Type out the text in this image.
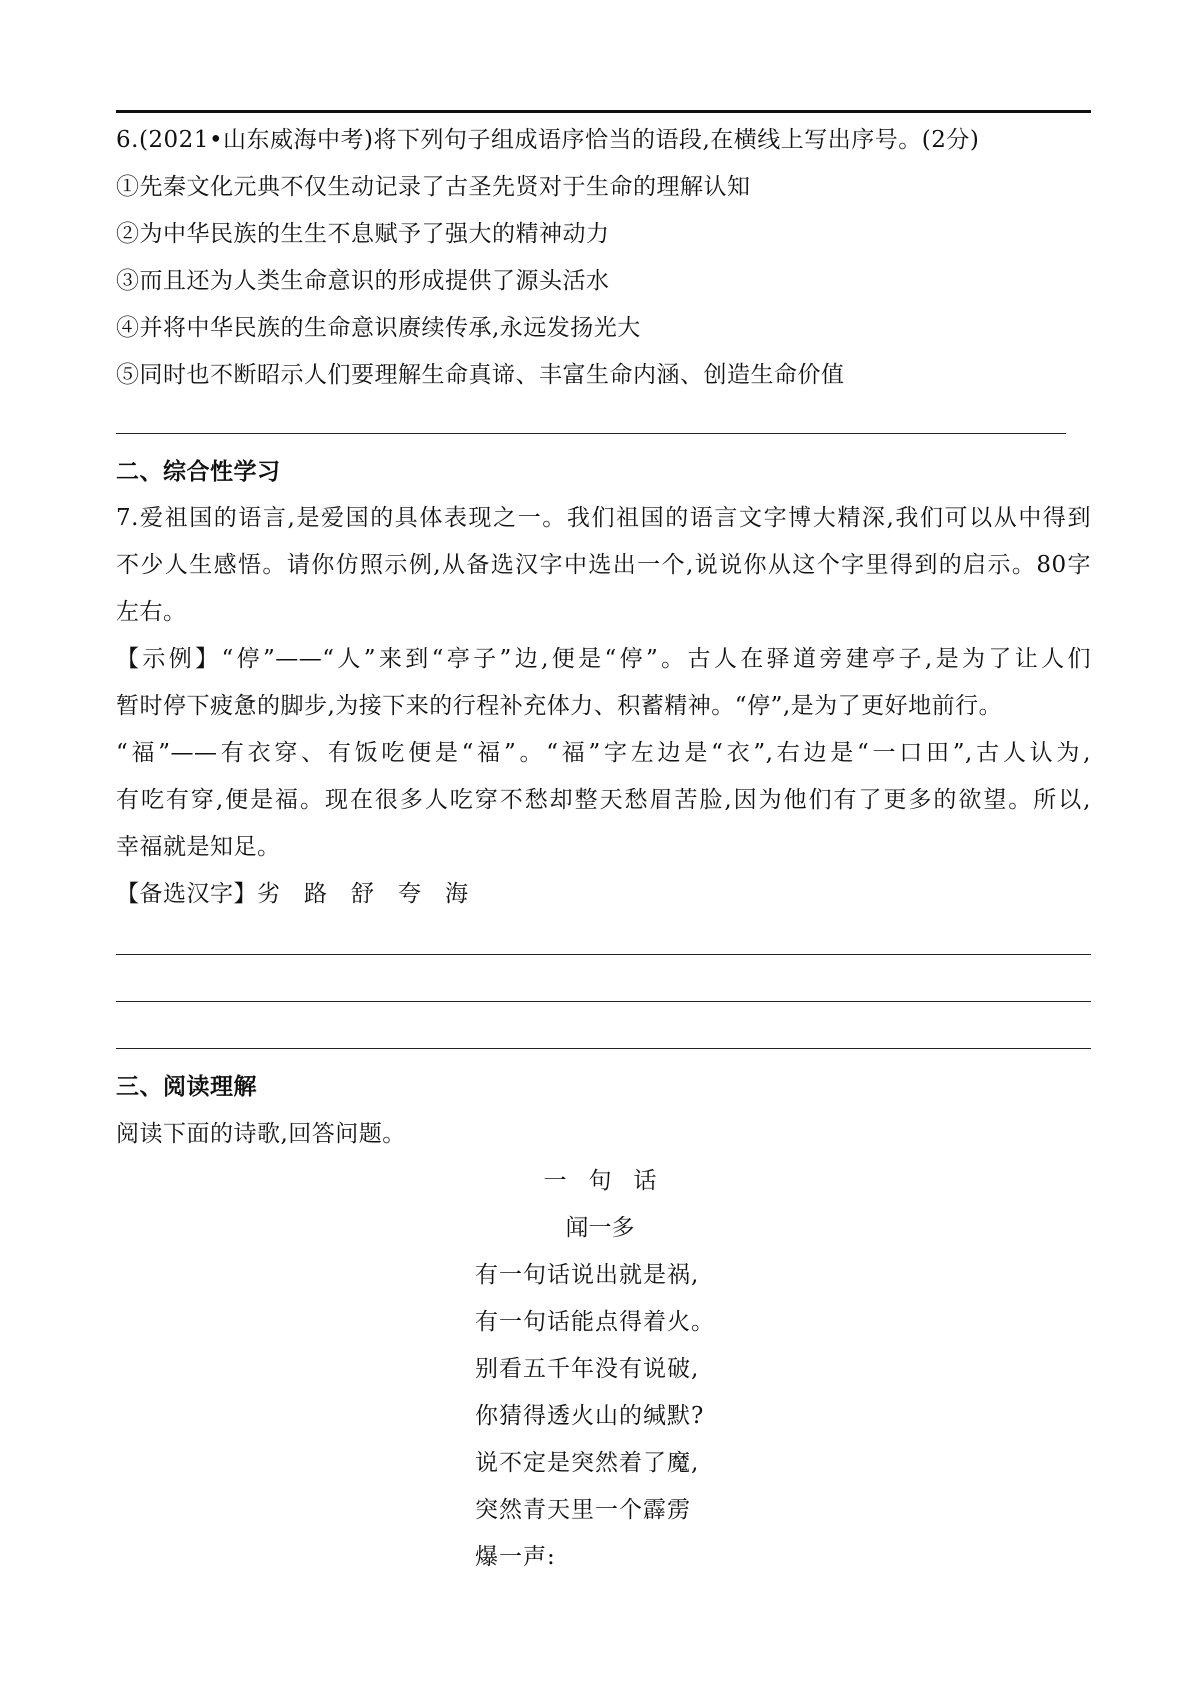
6.(2021•山东威海中考)将下列句子组成语序恰当的语段,在横线上写出序号。(2分)
①先秦文化元典不仅生动记录了古圣先贤对于生命的理解认知
②为中华民族的生生不息赋予了强大的精神动力
③而且还为人类生命意识的形成提供了源头活水
④并将中华民族的生命意识赓续传承,永远发扬光大
⑤同时也不断昭示人们要理解生命真谛、丰富生命内涵、创造生命价值
二、综合性学习
7.爱祖国的语言,是爱国的具体表现之一。我们祖国的语言文字博大精深,我们可以从中得到
不少人生感悟。请你仿照示例,从备选汉字中选出一个,说说你从这个字里得到的启示。80字
左右。
【示例】“停”——“人”来到“亭子”边,便是“停”。古人在驿道旁建亭子,是为了让人们
暂时停下疲惫的脚步,为接下来的行程补充体力、积蓄精神。“停”,是为了更好地前行。
“福”——有衣穿、有饭吃便是“福”。“福”字左边是“衣”,右边是“一口田”,古人认为,
有吃有穿,便是福。现在很多人吃穿不愁却整天愁眉苦脸,因为他们有了更多的欲望。所以,
幸福就是知足。
【备选汉字】劣　路　舒　夸　海
三、阅读理解
阅读下面的诗歌,回答问题。
一句话
闻一多
有一句话说出就是祸,
有一句话能点得着火。
别看五千年没有说破,
你猜得透火山的缄默?
说不定是突然着了魔,
突然青天里一个霹雳
爆一声:
